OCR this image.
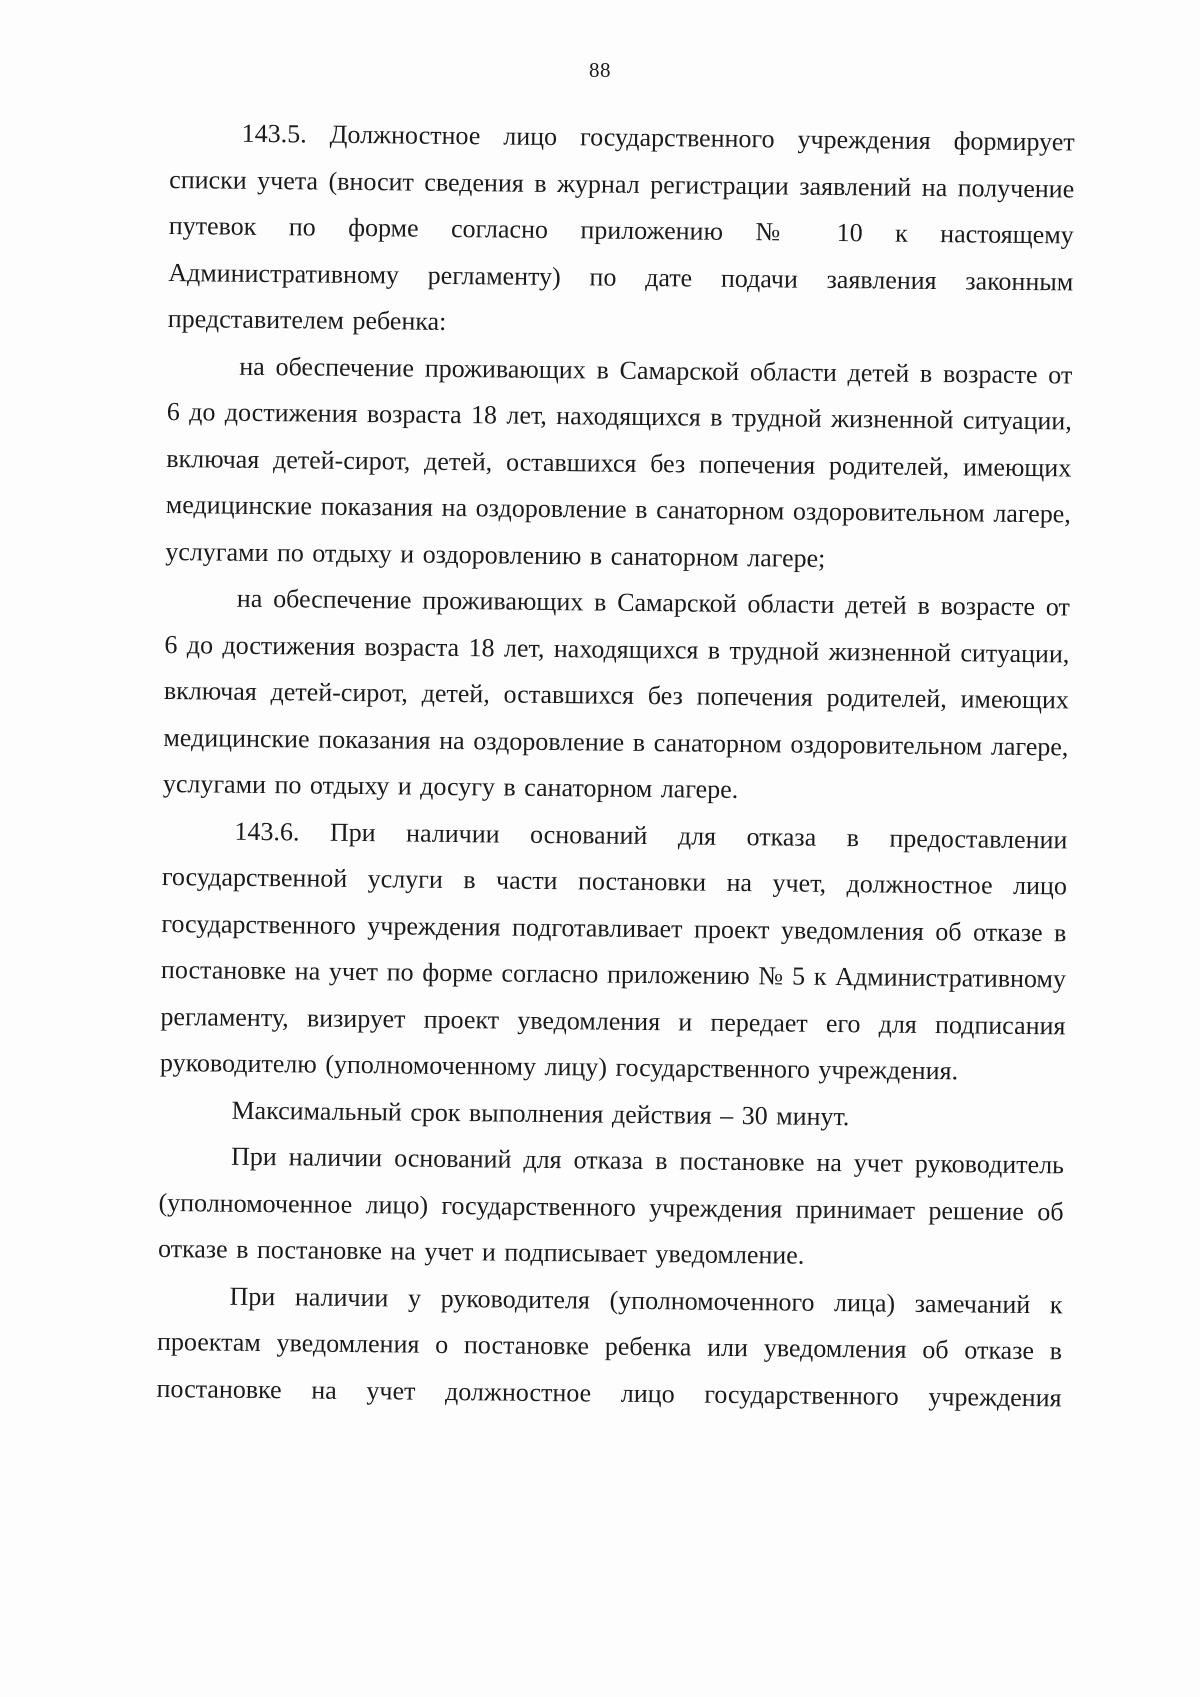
88

143.5. Должностное лицо государственного учреждения формирует списки учета (вносит сведения в журнал регистрации заявлений на получение путевок по форме согласно приложению № 10 к настоящему Административному регламенту) по дате подачи заявления законным представителем ребенка:

на обеспечение проживающих в Самарской области детей в возрасте от 6 до достижения возраста 18 лет, находящихся в трудной жизненной ситуации, включая детей-сирот, детей, оставшихся без попечения родителей, имеющих медицинские показания на оздоровление в санаторном оздоровительном лагере, услугами по отдыху и оздоровлению в санаторном лагере;

на обеспечение проживающих в Самарской области детей в возрасте от 6 до достижения возраста 18 лет, находящихся в трудной жизненной ситуации, включая детей-сирот, детей, оставшихся без попечения родителей, имеющих медицинские показания на оздоровление в санаторном оздоровительном лагере, услугами по отдыху и досугу в санаторном лагере.

143.6. При наличии оснований для отказа в предоставлении государственной услуги в части постановки на учет, должностное лицо государственного учреждения подготавливает проект уведомления об отказе в постановке на учет по форме согласно приложению № 5 к Административному регламенту, визирует проект уведомления и передает его для подписания руководителю (уполномоченному лицу) государственного учреждения.

Максимальный срок выполнения действия – 30 минут.

При наличии оснований для отказа в постановке на учет руководитель (уполномоченное лицо) государственного учреждения принимает решение об отказе в постановке на учет и подписывает уведомление.

При наличии у руководителя (уполномоченного лица) замечаний к проектам уведомления о постановке ребенка или уведомления об отказе в постановке на учет должностное лицо государственного учреждения
